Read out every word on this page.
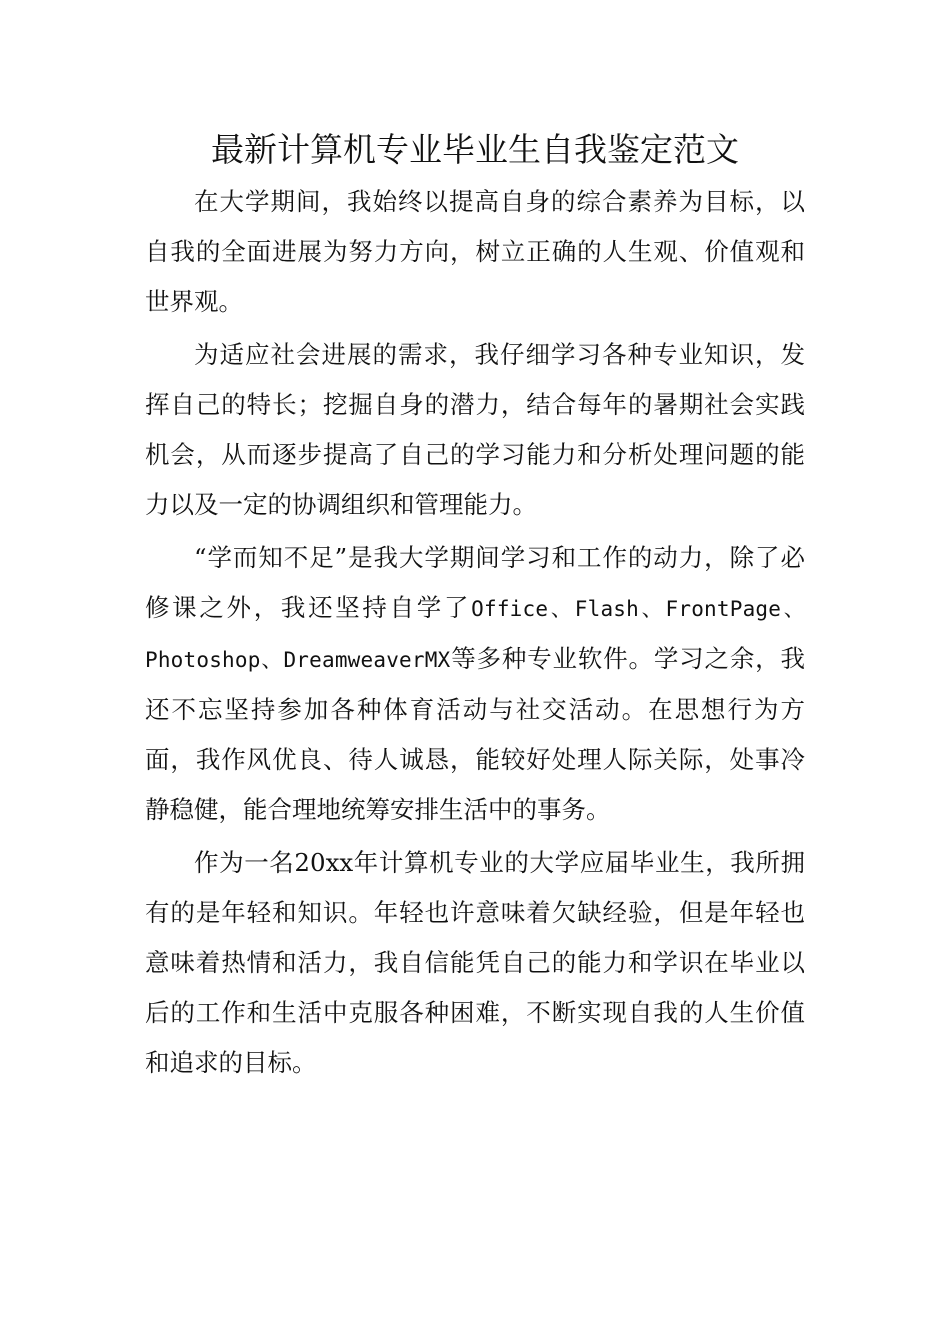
最新计算机专业毕业生自我鉴定范文

在大学期间，我始终以提高自身的综合素养为目标，以自我的全面进展为努力方向，树立正确的人生观、价值观和世界观。

为适应社会进展的需求，我仔细学习各种专业知识，发挥自己的特长；挖掘自身的潜力，结合每年的暑期社会实践机会，从而逐步提高了自己的学习能力和分析处理问题的能力以及一定的协调组织和管理能力。

“学而知不足”是我大学期间学习和工作的动力，除了必修课之外，我还坚持自学了Office、Flash、FrontPage、Photoshop、DreamweaverMX等多种专业软件。学习之余，我还不忘坚持参加各种体育活动与社交活动。在思想行为方面，我作风优良、待人诚恳，能较好处理人际关际，处事冷静稳健，能合理地统筹安排生活中的事务。

作为一名20xx年计算机专业的大学应届毕业生，我所拥有的是年轻和知识。年轻也许意味着欠缺经验，但是年轻也意味着热情和活力，我自信能凭自己的能力和学识在毕业以后的工作和生活中克服各种困难，不断实现自我的人生价值和追求的目标。
